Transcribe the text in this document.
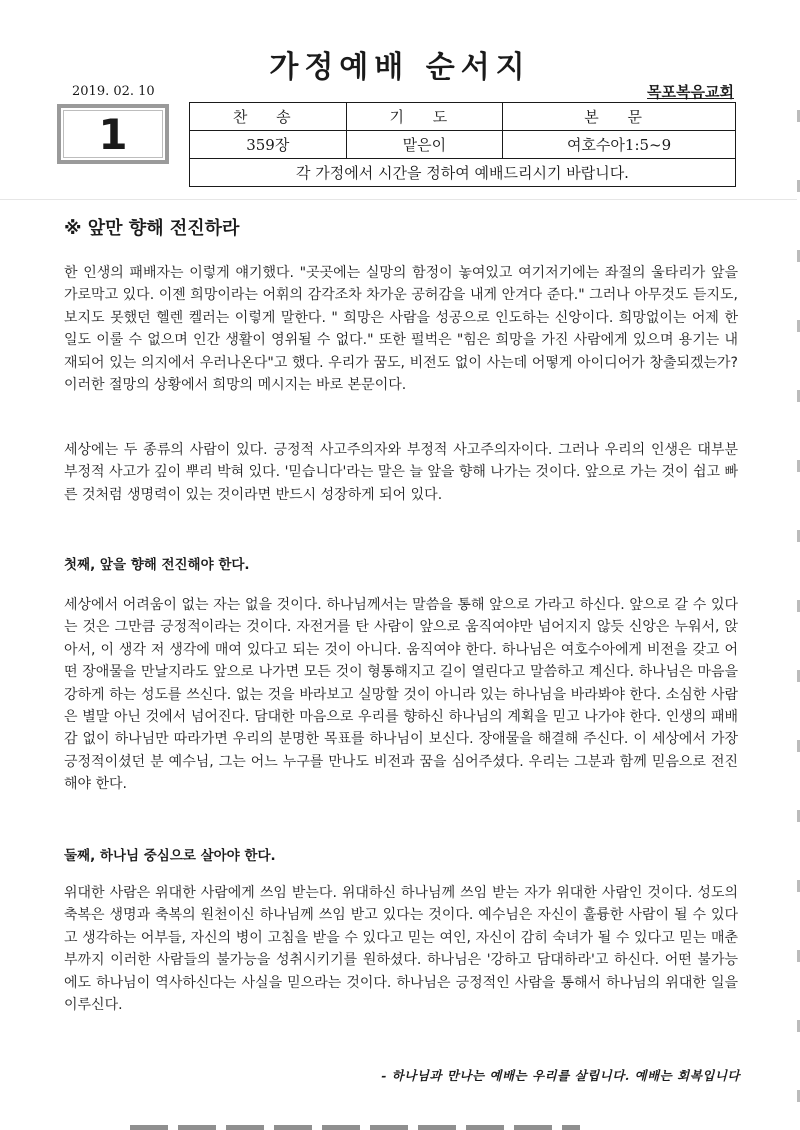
가정예배 순서지
2019. 02. 10	목포복음교회
1	찬 송	기 도	본 문
359장	맡은이	여호수아1:5~9
각 가정에서 시간을 정하여 예배드리시기 바랍니다.		
※ 앞만 향해 전진하라

한 인생의 패배자는 이렇게 얘기했다. "곳곳에는 실망의 함정이 놓여있고 여기저기에는 좌절의 울타리가 앞을 가로막고 있다. 이젠 희망이라는 어휘의 감각조차 차가운 공허감을 내게 안겨다 준다." 그러나 아무것도 듣지도, 보지도 못했던 헬렌 켈러는 이렇게 말한다. " 희망은 사람을 성공으로 인도하는 신앙이다. 희망없이는 어제 한 일도 이룰 수 없으며 인간 생활이 영위될 수 없다." 또한 펄벅은 "힘은 희망을 가진 사람에게 있으며 용기는 내재되어 있는 의지에서 우러나온다"고 했다. 우리가 꿈도, 비전도 없이 사는데 어떻게 아이디어가 창출되겠는가? 이러한 절망의 상황에서 희망의 메시지는 바로 본문이다.

세상에는 두 종류의 사람이 있다. 긍정적 사고주의자와 부정적 사고주의자이다. 그러나 우리의 인생은 대부분 부정적 사고가 깊이 뿌리 박혀 있다. '믿습니다'라는 말은 늘 앞을 향해 나가는 것이다. 앞으로 가는 것이 쉽고 빠른 것처럼 생명력이 있는 것이라면 반드시 성장하게 되어 있다.

첫째, 앞을 향해 전진해야 한다.

세상에서 어려움이 없는 자는 없을 것이다. 하나님께서는 말씀을 통해 앞으로 가라고 하신다. 앞으로 갈 수 있다는 것은 그만큼 긍정적이라는 것이다. 자전거를 탄 사람이 앞으로 움직여야만 넘어지지 않듯 신앙은 누워서, 앉아서, 이 생각 저 생각에 매여 있다고 되는 것이 아니다. 움직여야 한다. 하나님은 여호수아에게 비전을 갖고 어떤 장애물을 만날지라도 앞으로 나가면 모든 것이 형통해지고 길이 열린다고 말씀하고 계신다. 하나님은 마음을 강하게 하는 성도를 쓰신다. 없는 것을 바라보고 실망할 것이 아니라 있는 하나님을 바라봐야 한다. 소심한 사람은 별말 아닌 것에서 넘어진다. 담대한 마음으로 우리를 향하신 하나님의 계획을 믿고 나가야 한다. 인생의 패배감 없이 하나님만 따라가면 우리의 분명한 목표를 하나님이 보신다. 장애물을 해결해 주신다. 이 세상에서 가장 긍정적이셨던 분 예수님, 그는 어느 누구를 만나도 비전과 꿈을 심어주셨다. 우리는 그분과 함께 믿음으로 전진해야 한다.

둘째, 하나님 중심으로 살아야 한다.

위대한 사람은 위대한 사람에게 쓰임 받는다. 위대하신 하나님께 쓰임 받는 자가 위대한 사람인 것이다. 성도의 축복은 생명과 축복의 원천이신 하나님께 쓰임 받고 있다는 것이다. 예수님은 자신이 훌륭한 사람이 될 수 있다고 생각하는 어부들, 자신의 병이 고침을 받을 수 있다고 믿는 여인, 자신이 감히 숙녀가 될 수 있다고 믿는 매춘부까지 이러한 사람들의 불가능을 성취시키기를 원하셨다. 하나님은 '강하고 담대하라'고 하신다. 어떤 불가능에도 하나님이 역사하신다는 사실을 믿으라는 것이다. 하나님은 긍정적인 사람을 통해서 하나님의 위대한 일을 이루신다.

- 하나님과 만나는 예배는 우리를 살립니다. 예배는 회복입니다
